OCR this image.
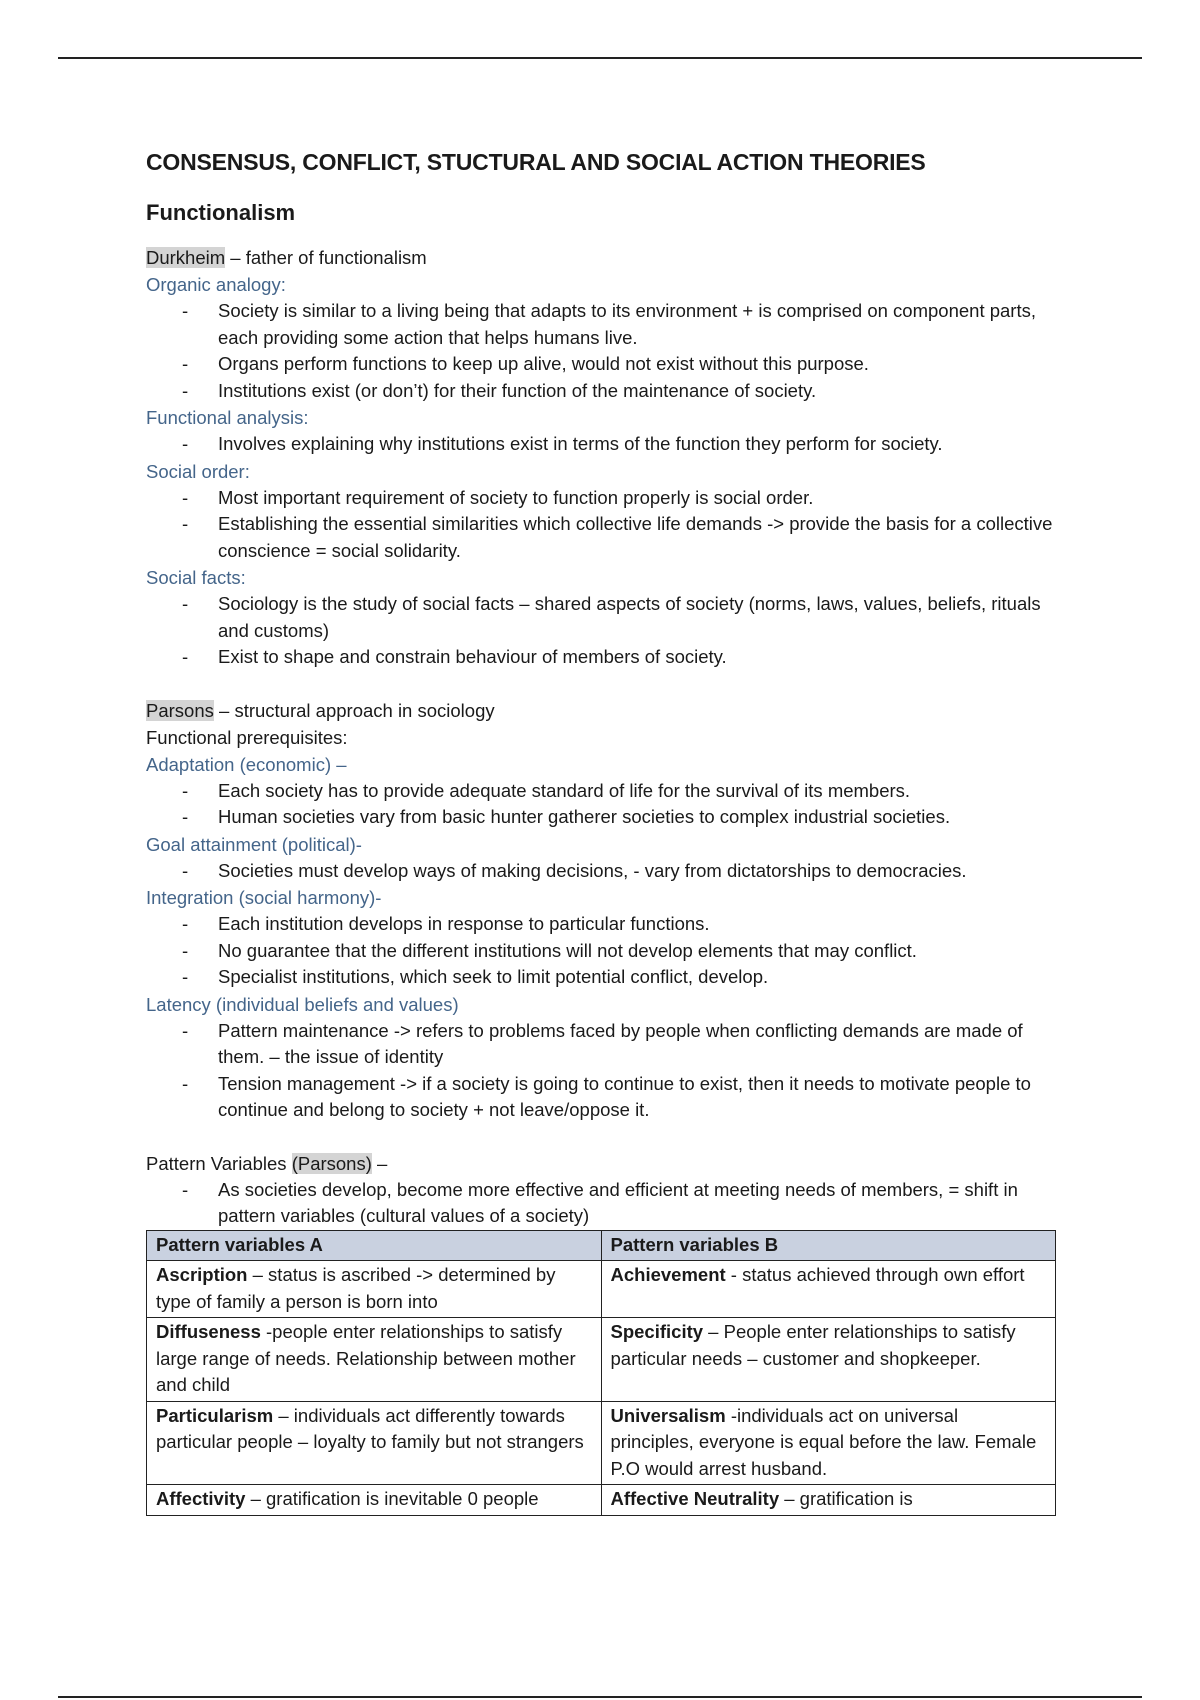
CONSENSUS, CONFLICT, STUCTURAL AND SOCIAL ACTION THEORIES
Functionalism
Durkheim – father of functionalism
Organic analogy:
- Society is similar to a living being that adapts to its environment + is comprised on component parts, each providing some action that helps humans live.
- Organs perform functions to keep up alive, would not exist without this purpose.
- Institutions exist (or don’t) for their function of the maintenance of society.
Functional analysis:
- Involves explaining why institutions exist in terms of the function they perform for society.
Social order:
- Most important requirement of society to function properly is social order.
- Establishing the essential similarities which collective life demands -> provide the basis for a collective conscience = social solidarity.
Social facts:
- Sociology is the study of social facts – shared aspects of society (norms, laws, values, beliefs, rituals and customs)
- Exist to shape and constrain behaviour of members of society.
Parsons – structural approach in sociology
Functional prerequisites:
Adaptation (economic) –
- Each society has to provide adequate standard of life for the survival of its members.
- Human societies vary from basic hunter gatherer societies to complex industrial societies.
Goal attainment (political)-
- Societies must develop ways of making decisions, - vary from dictatorships to democracies.
Integration (social harmony)-
- Each institution develops in response to particular functions.
- No guarantee that the different institutions will not develop elements that may conflict.
- Specialist institutions, which seek to limit potential conflict, develop.
Latency (individual beliefs and values)
- Pattern maintenance -> refers to problems faced by people when conflicting demands are made of them. – the issue of identity
- Tension management -> if a society is going to continue to exist, then it needs to motivate people to continue and belong to society + not leave/oppose it.
Pattern Variables (Parsons) –
- As societies develop, become more effective and efficient at meeting needs of members, = shift in pattern variables (cultural values of a society)
Pattern variables A	Pattern variables B
Ascription – status is ascribed -> determined by type of family a person is born into	Achievement - status achieved through own effort
Diffuseness -people enter relationships to satisfy large range of needs. Relationship between mother and child	Specificity – People enter relationships to satisfy particular needs – customer and shopkeeper.
Particularism – individuals act differently towards particular people – loyalty to family but not strangers	Universalism -individuals act on universal principles, everyone is equal before the law. Female P.O would arrest husband.
Affectivity – gratification is inevitable 0 people	Affective Neutrality – gratification is
